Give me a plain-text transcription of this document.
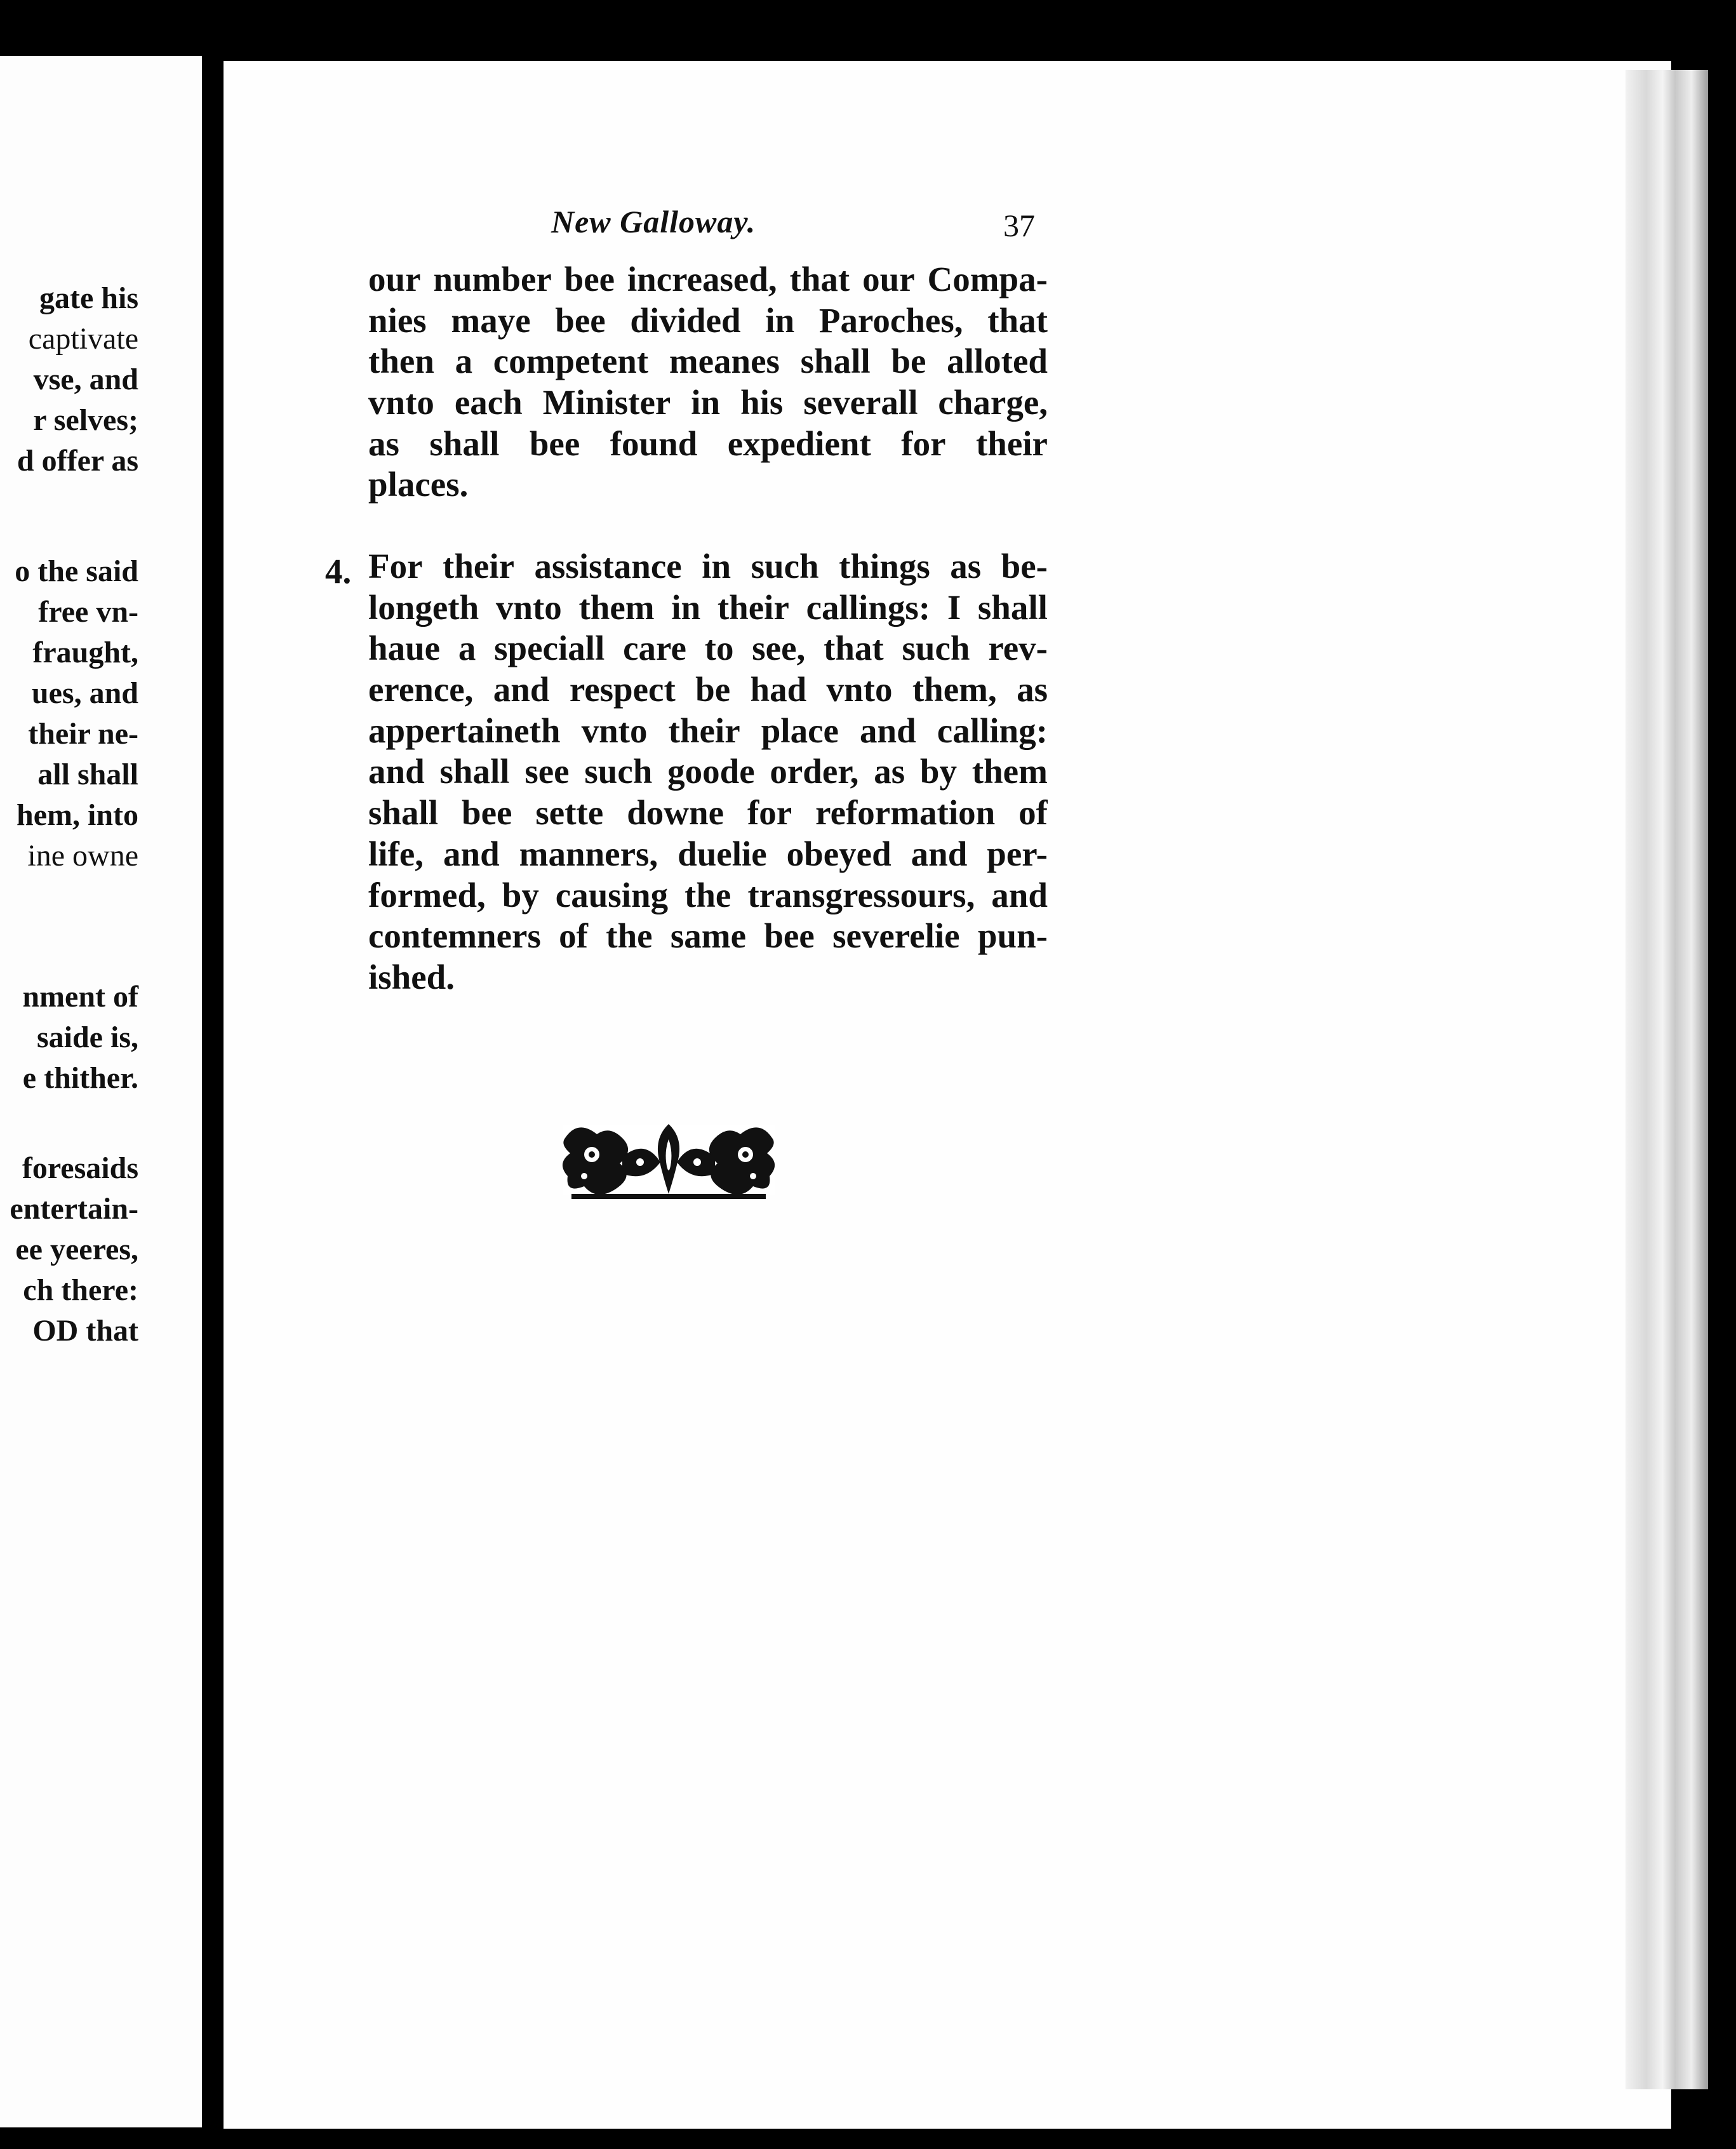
gate his
captivate
vse, and
r selves;
d offer as
o the said
free vn-
fraught,
ues, and
their ne-
all shall
hem, into
ine owne
nment of
saide is,
e thither.
foresaids
entertain-
ee yeeres,
ch there:
OD that
New Galloway.	37
our number bee increased, that our Compa-
nies maye bee divided in Paroches, that
then a competent meanes shall be alloted
vnto each Minister in his severall charge,
as shall bee found expedient for their
places.
4. For their assistance in such things as be-
longeth vnto them in their callings: I shall
haue a speciall care to see, that such rev-
erence, and respect be had vnto them, as
appertaineth vnto their place and calling:
and shall see such goode order, as by them
shall bee sette downe for reformation of
life, and manners, duelie obeyed and per-
formed, by causing the transgressours, and
contemners of the same bee severelie pun-
ished.
